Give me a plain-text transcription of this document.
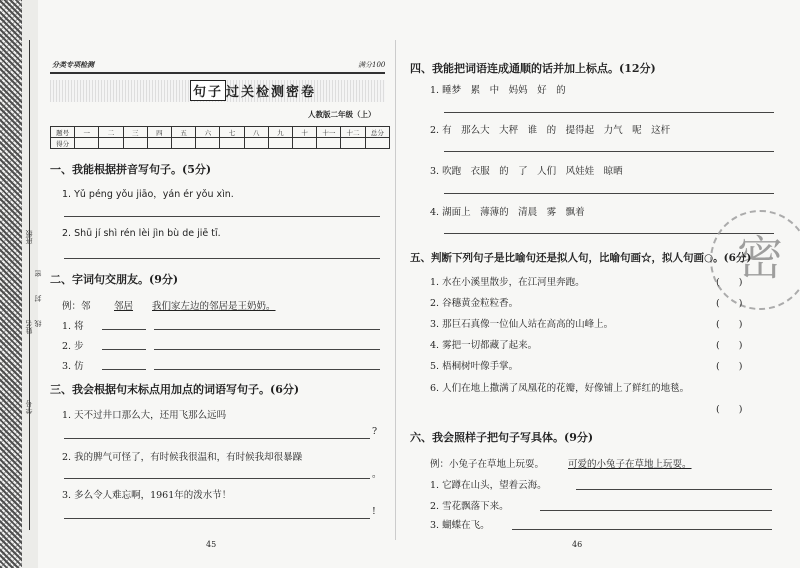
班级
姓名
学号
密
封
线
分类专项检测	满分100
句子 过关检测密卷
人教版二年级（上）
题号	一	二	三	四	五	六	七	八	九	十	十一	十二	总分
得分													
一、我能根据拼音写句子。(5分)
1. Yǔ péng yǒu jiāo，yán ér yǒu xìn.
2. Shū jí shì rén lèi jìn bù de jiē tī.
二、字词句交朋友。(9分)
例：邻 邻居 我们家左边的邻居是王奶奶。
1. 将
2. 步
3. 仿
三、我会根据句末标点用加点的词语写句子。(6分)
1. 天不过井口那么大，还用飞那么远吗
?
2. 我的脾气可怪了，有时候我很温和，有时候我却很暴躁
。
3. 多么令人难忘啊，1961年的泼水节！
!
45
四、我能把词语连成通顺的话并加上标点。(12分)
1. 睡梦　累　中　妈妈　好　的
2. 有　那么大　大秤　谁　的　提得起　力气　呢　这杆
3. 吹跑　衣服　的　了　人们　风娃娃　晾晒
4. 湖面上　薄薄的　清晨　雾　飘着
密
五、判断下列句子是比喻句还是拟人句，比喻句画☆，拟人句画○。(6分)
1. 水在小溪里散步，在江河里奔跑。	(　　)
2. 谷穗黄金粒粒香。	(　　)
3. 那巨石真像一位仙人站在高高的山峰上。	(　　)
4. 雾把一切都藏了起来。	(　　)
5. 梧桐树叶像手掌。	(　　)
6. 人们在地上撒满了凤凰花的花瓣，好像铺上了鲜红的地毯。
(　　)
六、我会照样子把句子写具体。(9分)
例：小兔子在草地上玩耍。	可爱的小兔子在草地上玩耍。
1. 它蹲在山头，望着云海。
2. 雪花飘落下来。
3. 蝴蝶在飞。
46
